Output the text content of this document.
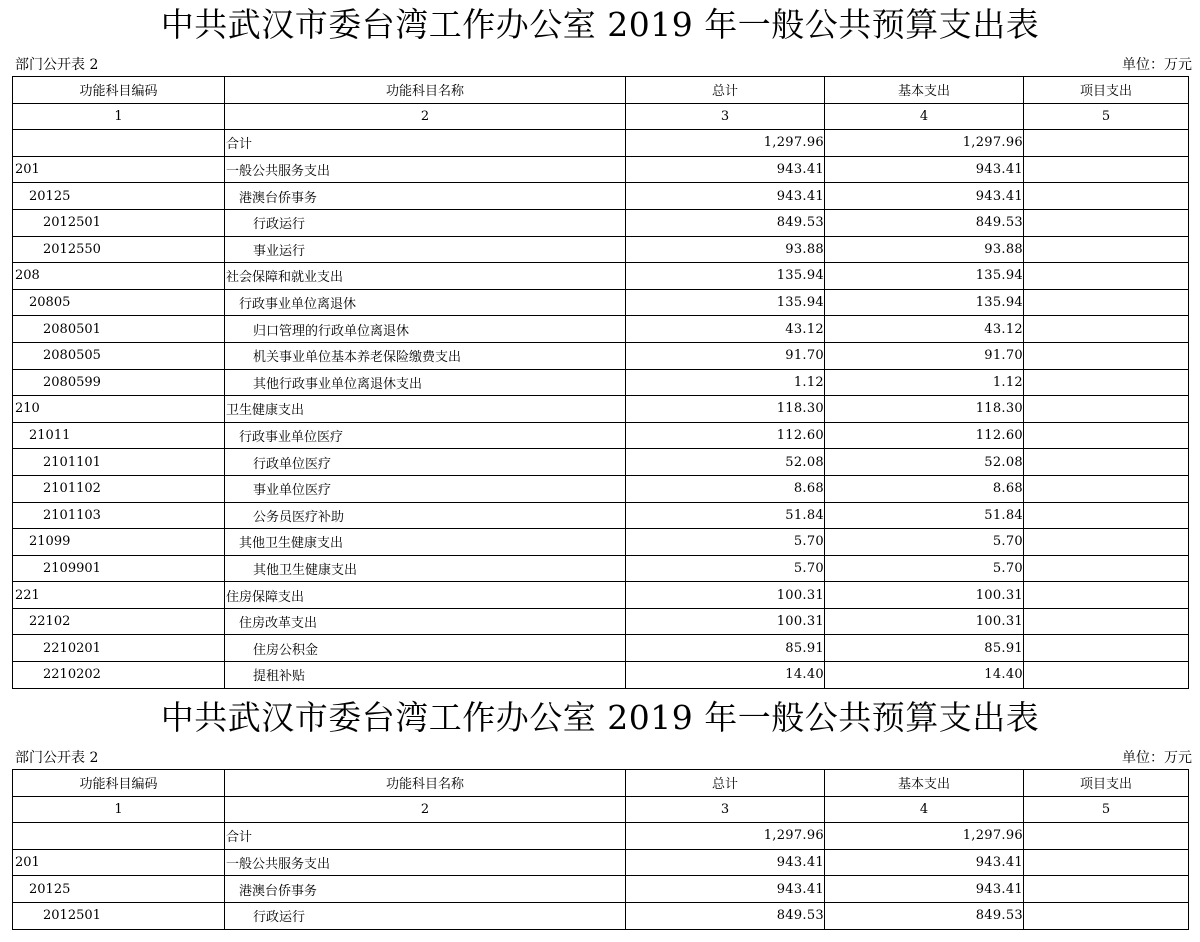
中共武汉市委台湾工作办公室 2019 年一般公共预算支出表
部门公开表 2	单位：万元
功能科目编码	功能科目名称	总计	基本支出	项目支出
1	2	3	4	5
	合计	1,297.96	1,297.96	
201	一般公共服务支出	943.41	943.41	
20125	港澳台侨事务	943.41	943.41	
2012501	行政运行	849.53	849.53	
2012550	事业运行	93.88	93.88	
208	社会保障和就业支出	135.94	135.94	
20805	行政事业单位离退休	135.94	135.94	
2080501	归口管理的行政单位离退休	43.12	43.12	
2080505	机关事业单位基本养老保险缴费支出	91.70	91.70	
2080599	其他行政事业单位离退休支出	1.12	1.12	
210	卫生健康支出	118.30	118.30	
21011	行政事业单位医疗	112.60	112.60	
2101101	行政单位医疗	52.08	52.08	
2101102	事业单位医疗	8.68	8.68	
2101103	公务员医疗补助	51.84	51.84	
21099	其他卫生健康支出	5.70	5.70	
2109901	其他卫生健康支出	5.70	5.70	
221	住房保障支出	100.31	100.31	
22102	住房改革支出	100.31	100.31	
2210201	住房公积金	85.91	85.91	
2210202	提租补贴	14.40	14.40	
中共武汉市委台湾工作办公室 2019 年一般公共预算支出表
部门公开表 2	单位：万元
功能科目编码	功能科目名称	总计	基本支出	项目支出
1	2	3	4	5
	合计	1,297.96	1,297.96	
201	一般公共服务支出	943.41	943.41	
20125	港澳台侨事务	943.41	943.41	
2012501	行政运行	849.53	849.53	
